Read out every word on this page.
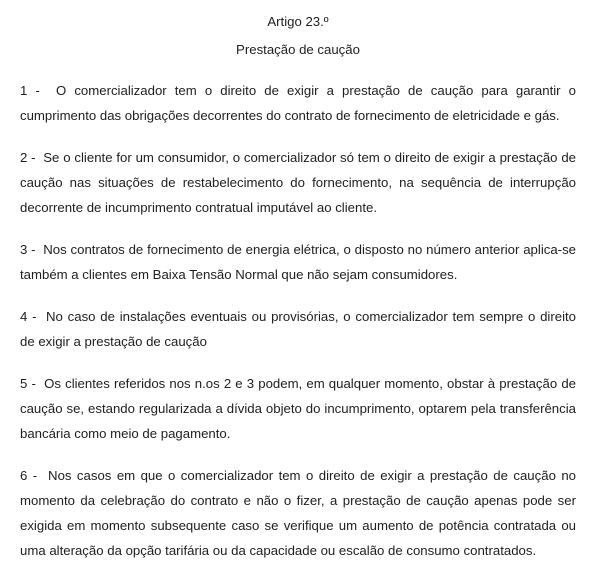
Artigo 23.º

Prestação de caução

1 - O comercializador tem o direito de exigir a prestação de caução para garantir o cumprimento das obrigações decorrentes do contrato de fornecimento de eletricidade e gás.

2 - Se o cliente for um consumidor, o comercializador só tem o direito de exigir a prestação de caução nas situações de restabelecimento do fornecimento, na sequência de interrupção decorrente de incumprimento contratual imputável ao cliente.

3 - Nos contratos de fornecimento de energia elétrica, o disposto no número anterior aplica-se também a clientes em Baixa Tensão Normal que não sejam consumidores.

4 - No caso de instalações eventuais ou provisórias, o comercializador tem sempre o direito de exigir a prestação de caução

5 - Os clientes referidos nos n.os 2 e 3 podem, em qualquer momento, obstar à prestação de caução se, estando regularizada a dívida objeto do incumprimento, optarem pela transferência bancária como meio de pagamento.

6 - Nos casos em que o comercializador tem o direito de exigir a prestação de caução no momento da celebração do contrato e não o fizer, a prestação de caução apenas pode ser exigida em momento subsequente caso se verifique um aumento de potência contratada ou uma alteração da opção tarifária ou da capacidade ou escalão de consumo contratados.
